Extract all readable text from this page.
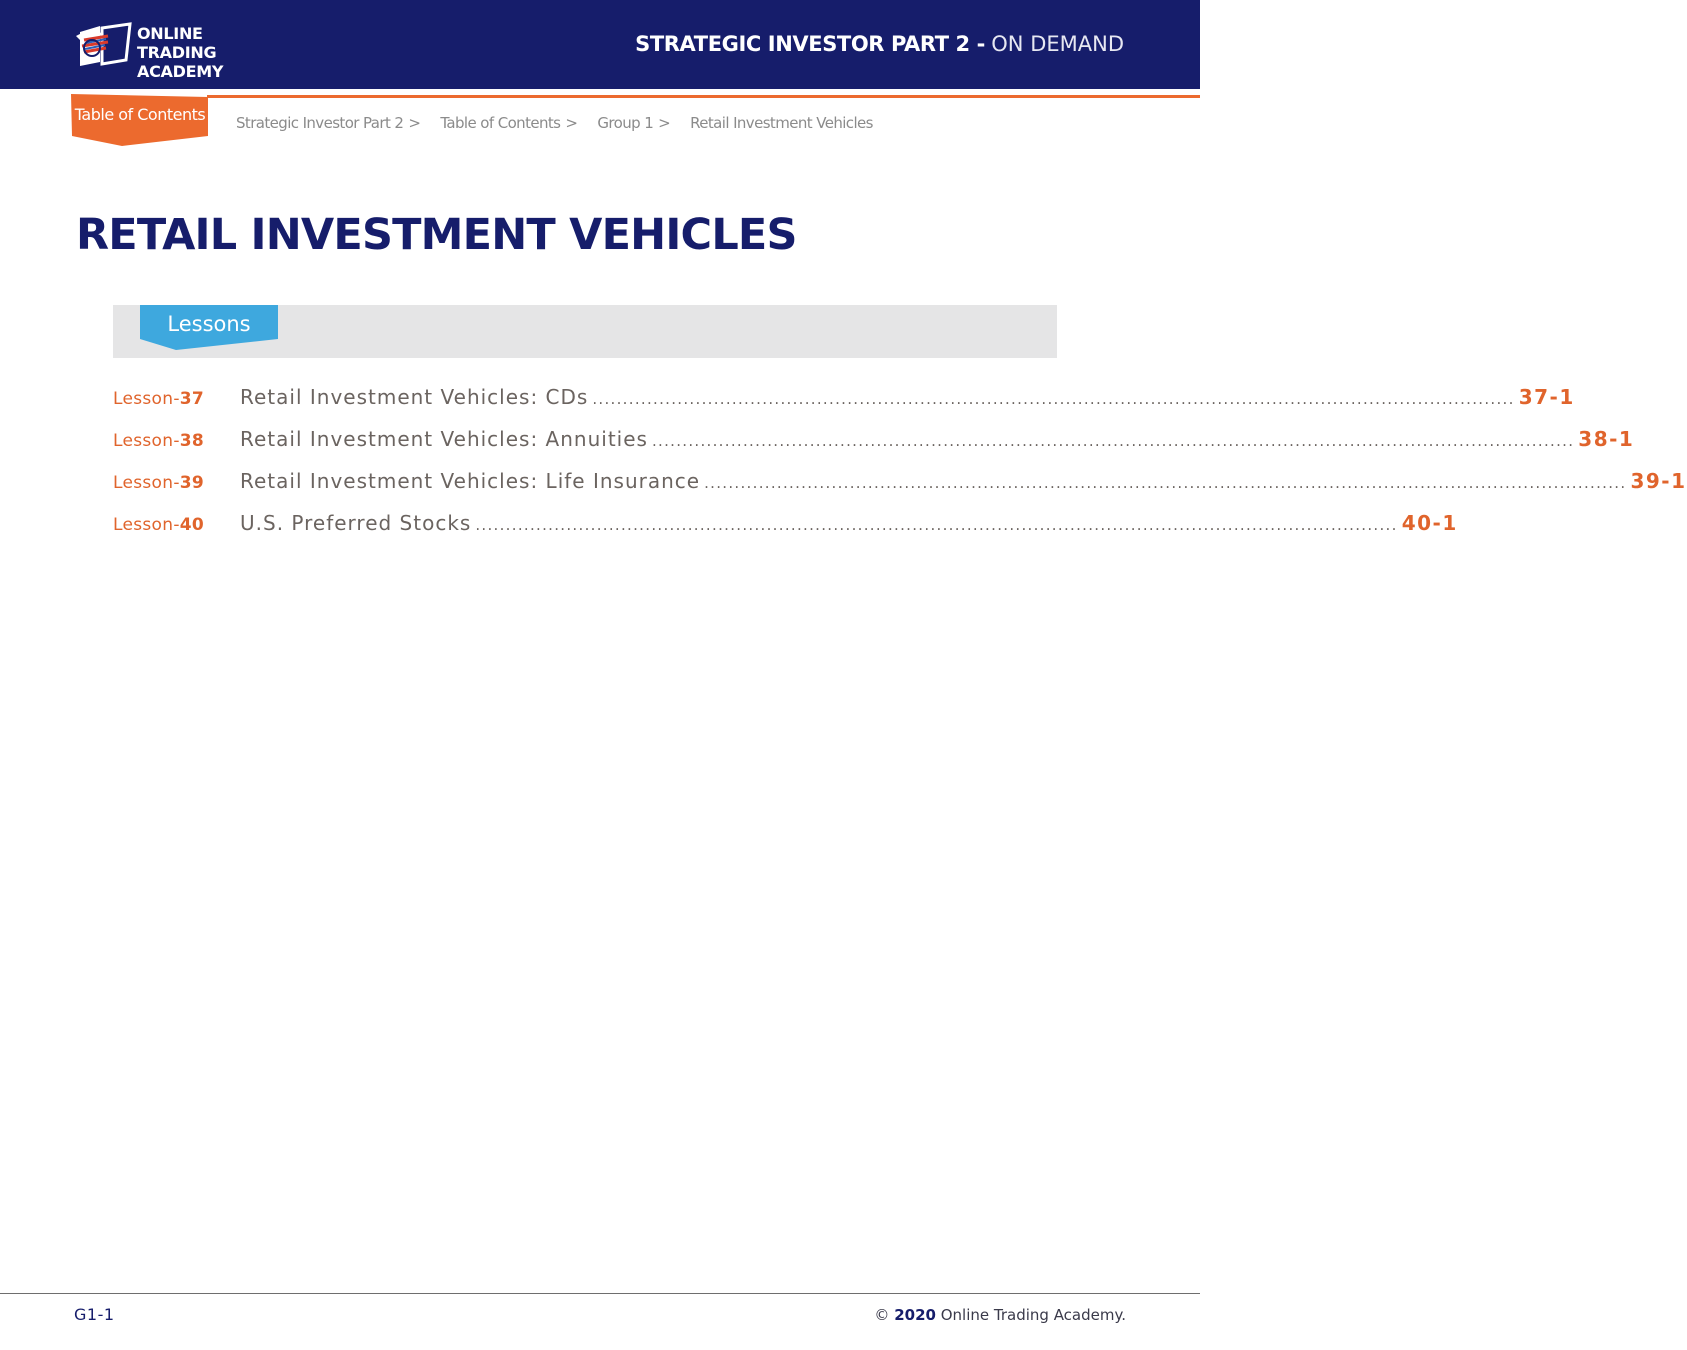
ONLINE TRADING
ACADEMY
STRATEGIC INVESTOR PART 2 - ON DEMAND
Table of Contents	Strategic Investor Part 2 > Table of Contents > Group 1 > Retail Investment Vehicles
RETAIL INVESTMENT VEHICLES
Lessons
Lesson-37	Retail Investment Vehicles: CDs ........................................................................................................................................................ 37-1
Lesson-38	Retail Investment Vehicles: Annuities ........................................................................................................................................................ 38-1
Lesson-39	Retail Investment Vehicles: Life Insurance ........................................................................................................................................................ 39-1
Lesson-40	U.S. Preferred Stocks ........................................................................................................................................................ 40-1
G1-1	© 2020 Online Trading Academy.
